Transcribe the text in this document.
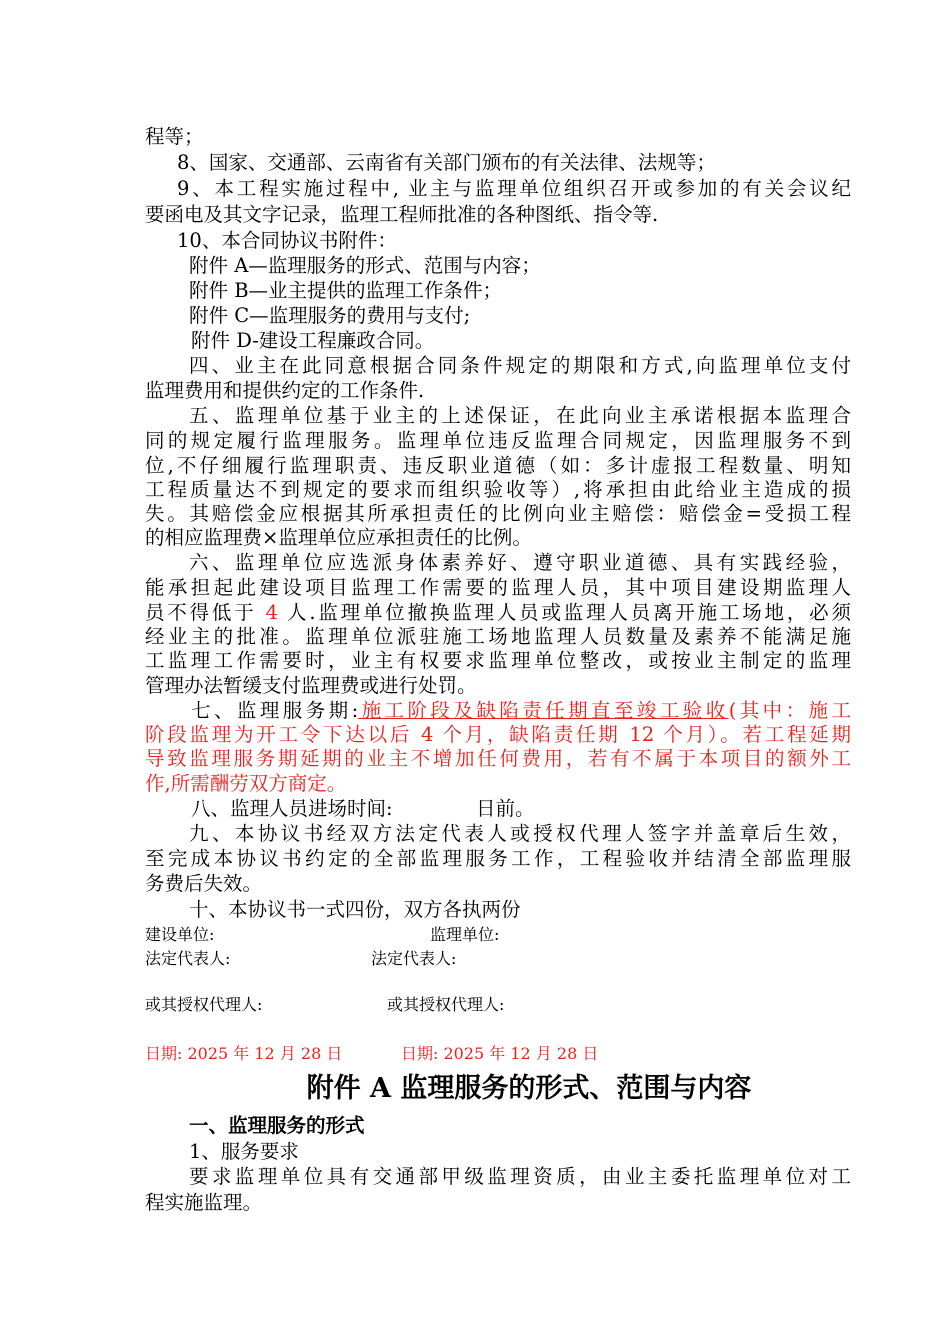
程等；
8、国家、交通部、云南省有关部门颁布的有关法律、法规等；
9、本工程实施过程中, 业主与监理单位组织召开或参加的有关会议纪
要函电及其文字记录，监理工程师批准的各种图纸、指令等.
10、本合同协议书附件：
附件 A—监理服务的形式、范围与内容；
附件 B—业主提供的监理工作条件；
附件 C—监理服务的费用与支付;
附件 D-建设工程廉政合同。
四、业主在此同意根据合同条件规定的期限和方式,向监理单位支付
监理费用和提供约定的工作条件.
五、监理单位基于业主的上述保证，在此向业主承诺根据本监理合
同的规定履行监理服务。监理单位违反监理合同规定，因监理服务不到
位,不仔细履行监理职责、违反职业道德（如：多计虚报工程数量、明知
工程质量达不到规定的要求而组织验收等）,将承担由此给业主造成的损
失。其赔偿金应根据其所承担责任的比例向业主赔偿：赔偿金=受损工程
的相应监理费×监理单位应承担责任的比例。
六、监理单位应选派身体素养好、遵守职业道德、具有实践经验，
能承担起此建设项目监理工作需要的监理人员，其中项目建设期监理人
员不得低于 4 人.监理单位撤换监理人员或监理人员离开施工场地，必须
经业主的批准。监理单位派驻施工场地监理人员数量及素养不能满足施
工监理工作需要时，业主有权要求监理单位整改，或按业主制定的监理
管理办法暂缓支付监理费或进行处罚。
七、监理服务期:施工阶段及缺陷责任期直至竣工验收(其中：施工
阶段监理为开工令下达以后 4 个月，缺陷责任期 12 个月）。若工程延期
导致监理服务期延期的业主不增加任何费用，若有不属于本项目的额外工
作,所需酬劳双方商定。
八、监理人员进场时间:	日前。
九、本协议书经双方法定代表人或授权代理人签字并盖章后生效，
至完成本协议书约定的全部监理服务工作，工程验收并结清全部监理服
务费后失效。
十、本协议书一式四份，双方各执两份
建设单位:	监理单位:
法定代表人:	法定代表人:
或其授权代理人:	或其授权代理人:
日期: 2025 年 12 月 28 日	日期: 2025 年 12 月 28 日
附件 A 监理服务的形式、范围与内容
一、监理服务的形式
1、服务要求
要求监理单位具有交通部甲级监理资质，由业主委托监理单位对工
程实施监理。
